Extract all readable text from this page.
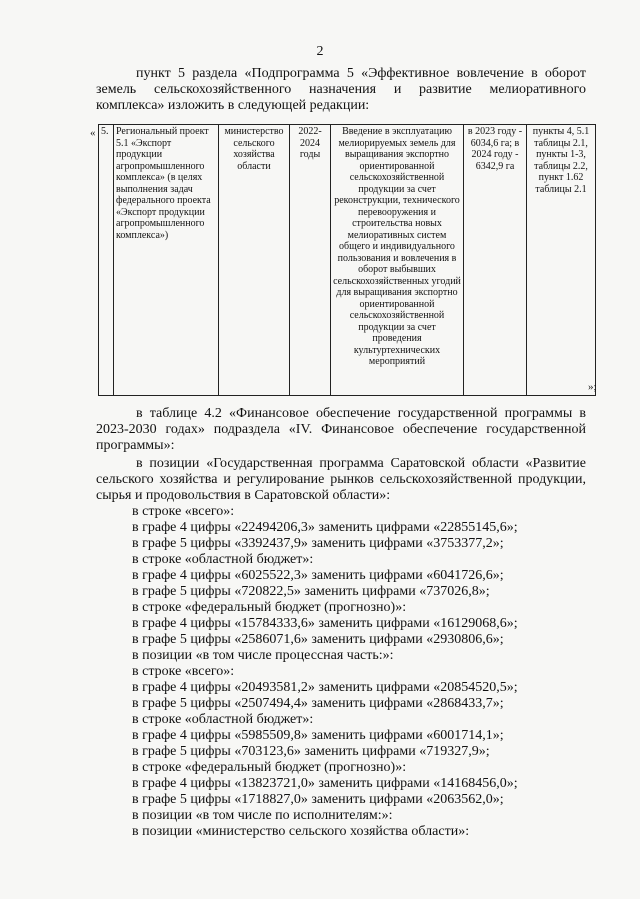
2

пункт 5 раздела «Подпрограмма 5 «Эффективное вовлечение в оборот земель сельскохозяйственного назначения и развитие мелиоративного комплекса» изложить в следующей редакции:

« 5.	Региональный проект 5.1 «Экспорт продукции агропромышленного комплекса» (в целях выполнения задач федерального проекта «Экспорт продукции агропромышленного комплекса»)	министерство сельского хозяйства области	2022-2024 годы	Введение в эксплуатацию мелиорируемых земель для выращивания экспортно ориентированной сельскохозяйственной продукции за счет реконструкции, технического перевооружения и строительства новых мелиоративных систем общего и индивидуального пользования и вовлечения в оборот выбывших сельскохозяйственных угодий для выращивания экспортно ориентированной сельскохозяйственной продукции за счет проведения культуртехнических мероприятий	в 2023 году - 6034,6 га; в 2024 году - 6342,9 га	пункты 4, 5.1 таблицы 2.1, пункты 1-3, таблицы 2.2, пункт 1.62 таблицы 2.1
»;

в таблице 4.2 «Финансовое обеспечение государственной программы в 2023-2030 годах» подраздела «IV. Финансовое обеспечение государственной программы»:

в позиции «Государственная программа Саратовской области «Развитие сельского хозяйства и регулирование рынков сельскохозяйственной продукции, сырья и продовольствия в Саратовской области»:

в строке «всего»:

в графе 4 цифры «22494206,3» заменить цифрами «22855145,6»;

в графе 5 цифры «3392437,9» заменить цифрами «3753377,2»;

в строке «областной бюджет»:

в графе 4 цифры «6025522,3» заменить цифрами «6041726,6»;

в графе 5 цифры «720822,5» заменить цифрами «737026,8»;

в строке «федеральный бюджет (прогнозно)»:

в графе 4 цифры «15784333,6» заменить цифрами «16129068,6»;

в графе 5 цифры «2586071,6» заменить цифрами «2930806,6»;

в позиции «в том числе процессная часть:»:

в строке «всего»:

в графе 4 цифры «20493581,2» заменить цифрами «20854520,5»;

в графе 5 цифры «2507494,4» заменить цифрами «2868433,7»;

в строке «областной бюджет»:

в графе 4 цифры «5985509,8» заменить цифрами «6001714,1»;

в графе 5 цифры «703123,6» заменить цифрами «719327,9»;

в строке «федеральный бюджет (прогнозно)»:

в графе 4 цифры «13823721,0» заменить цифрами «14168456,0»;

в графе 5 цифры «1718827,0» заменить цифрами «2063562,0»;

в позиции «в том числе по исполнителям:»:

в позиции «министерство сельского хозяйства области»:
